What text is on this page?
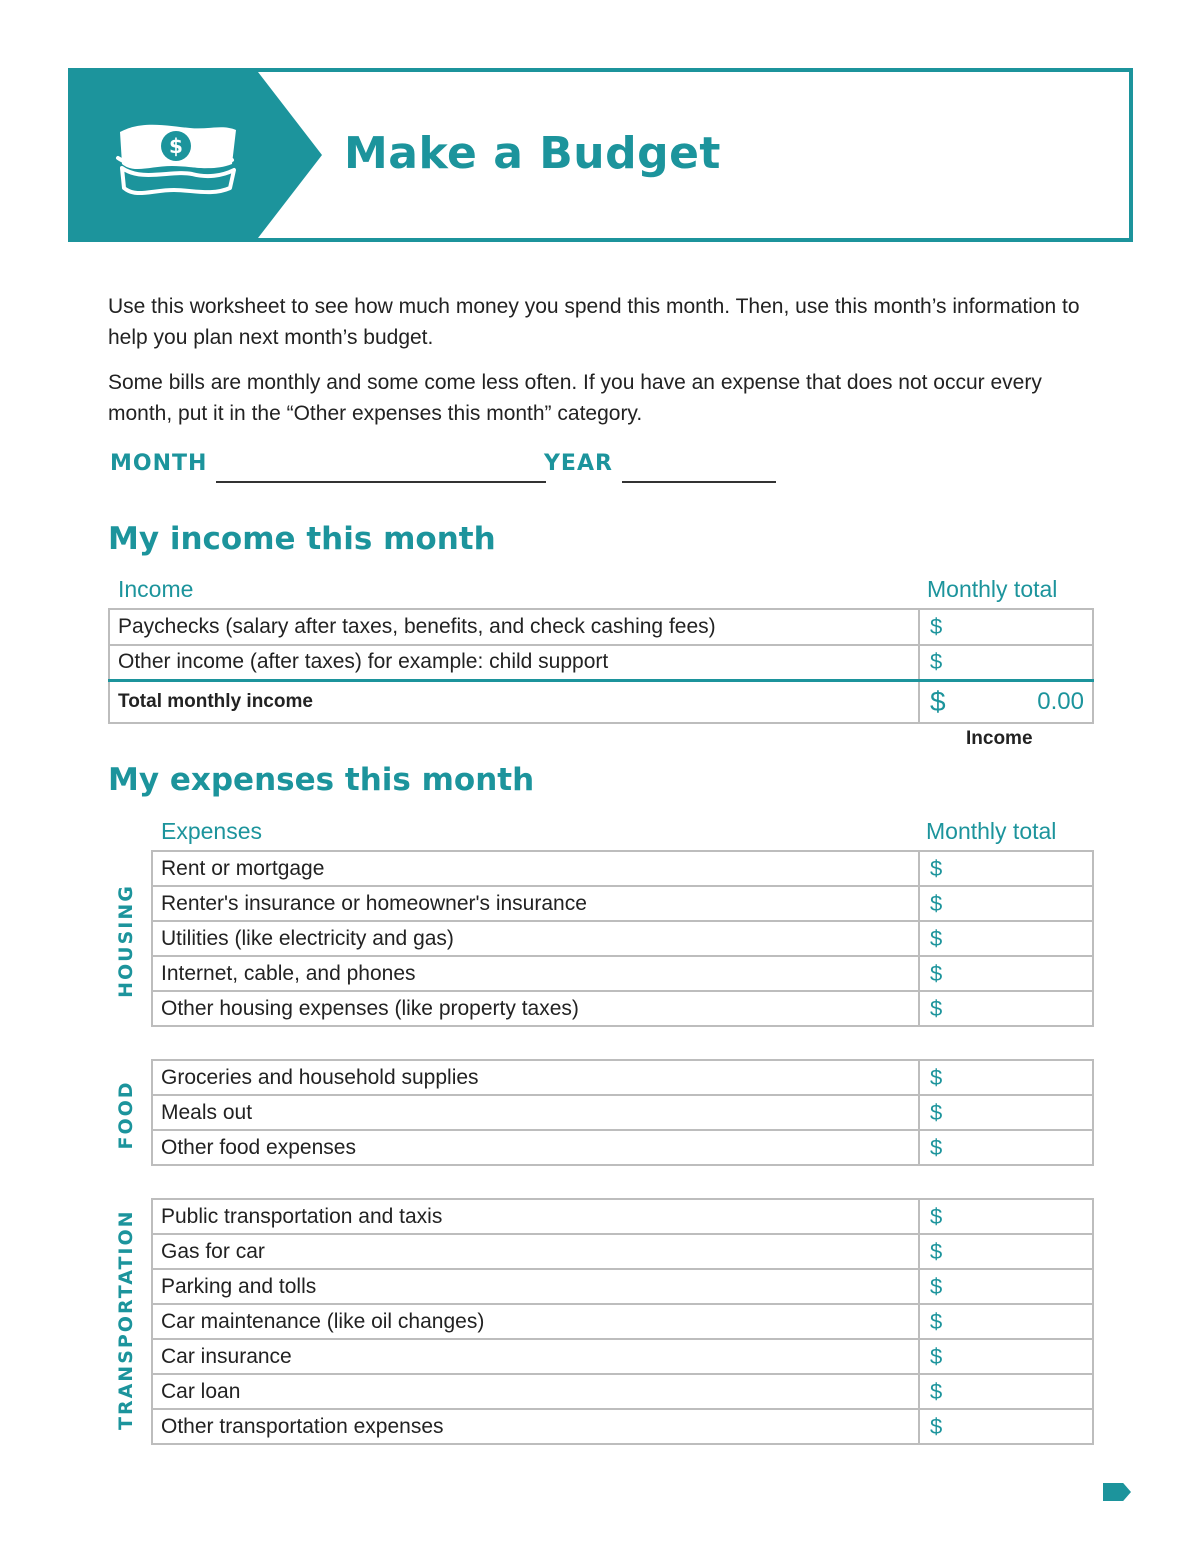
$	Make a Budget

Use this worksheet to see how much money you spend this month. Then, use this month’s information to help you plan next month’s budget.

Some bills are monthly and some come less often. If you have an expense that does not occur every month, put it in the “Other expenses this month” category.

MONTH	YEAR
My income this month
Income	Monthly total
Paychecks (salary after taxes, benefits, and check cashing fees)	$
Other income (after taxes) for example: child support	$
Total monthly income	$ 0.00
Income
My expenses this month
Expenses	Monthly total
HOUSING
Rent or mortgage	$
Renter's insurance or homeowner's insurance	$
Utilities (like electricity and gas)	$
Internet, cable, and phones	$
Other housing expenses (like property taxes)	$
FOOD
Groceries and household supplies	$
Meals out	$
Other food expenses	$
TRANSPORTATION Public transportation and taxis	$
Gas for car	$
Parking and tolls	$
Car maintenance (like oil changes)	$
Car insurance	$
Car loan	$
Other transportation expenses	$
